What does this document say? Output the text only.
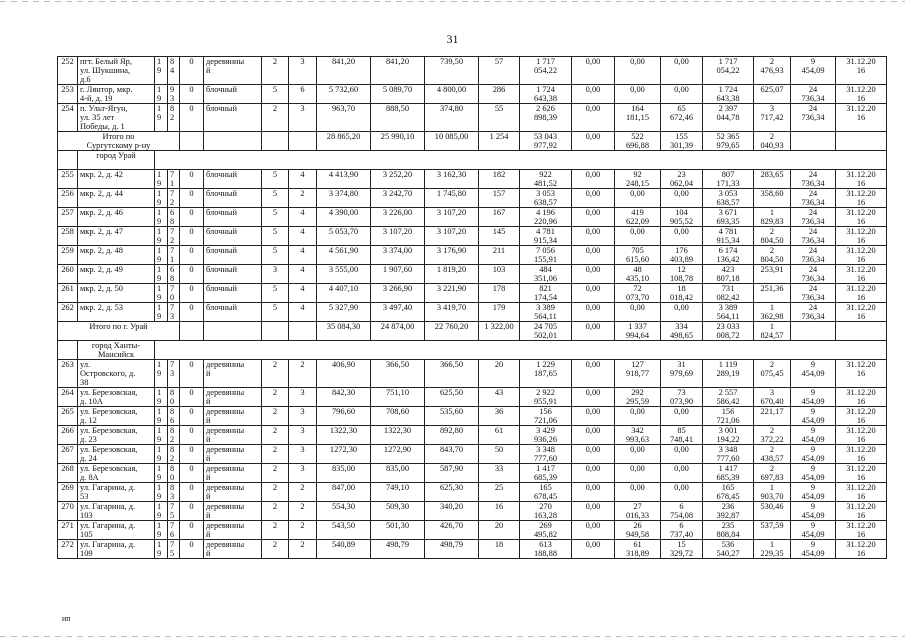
31
252	пгт. Белый Яр,
ул. Шукшина,
д.6	19	84	0	деревянны
й	2	3	841,20	841,20	739,50	57	1 717
054,22	0,00	0,00	0,00	1 717
054,22	2
476,93	9
454,09	31.12.20
16
253	г. Лянтор, мкр.
4-й, д. 19	19	93	0	блочный	5	6	5 732,60	5 089,70	4 800,00	286	1 724
643,38	0,00	0,00	0,00	1 724
643,38	625,07	24
736,34	31.12.20
16
254	п. Ульт-Ягун,
ул. 35 лет
Победы, д. 1	19	82	0	блочный	2	3	963,70	888,50	374,80	55	2 626
898,39	0,00	164
181,15	65
672,46	2 397
044,78	3
717,42	24
736,34	31.12.20
16
Итого по
Сургутскому р-ну								28 865,20	25 990,10	10 085,00	1 254	53 043
977,92	0,00	522
696,88	155
301,39	52 365
979,65	2
040,93		
	город Урай																		
255	мкр. 2, д. 42	19	71	0	блочный	5	4	4 413,90	3 252,20	3 162,30	182	922
481,52	0,00	92
248,15	23
062,04	807
171,33	283,65	24
736,34	31.12.20
16
256	мкр. 2, д. 44	19	72	0	блочный	5	2	3 374,80	3 242,70	1 745,80	157	3 053
638,57	0,00	0,00	0,00	3 053
638,57	358,60	24
736,34	31.12.20
16
257	мкр. 2, д. 46	19	68	0	блочный	5	4	4 390,00	3 226,00	3 107,20	167	4 196
220,96	0,00	419
622,09	104
905,52	3 671
693,35	1
829,83	24
736,34	31.12.20
16
258	мкр. 2, д. 47	19	72	0	блочный	5	4	5 053,70	3 107,20	3 107,20	145	4 781
915,34	0,00	0,00	0,00	4 781
915,34	2
804,50	24
736,34	31.12.20
16
259	мкр. 2, д. 48	19	71	0	блочный	5	4	4 561,90	3 374,00	3 176,90	211	7 056
155,91	0,00	705
615,60	176
403,89	6 174
136,42	2
804,50	24
736,34	31.12.20
16
260	мкр. 2, д. 49	19	68	0	блочный	3	4	3 555,00	1 907,60	1 819,20	103	484
351,06	0,00	48
435,10	12
108,78	423
807,18	253,91	24
736,34	31.12.20
16
261	мкр. 2, д. 50	19	70	0	блочный	5	4	4 407,10	3 266,90	3 221,90	178	821
174,54	0,00	72
073,70	18
018,42	731
082,42	251,36	24
736,34	31.12.20
16
262	мкр. 2, д. 53	19	73	0	блочный	5	4	5 327,90	3 497,40	3 419,70	179	3 389
564,11	0,00	0,00	0,00	3 389
564,11	1
362,98	24
736,34	31.12.20
16
Итого по г. Урай								35 084,30	24 874,00	22 760,20	1 322,00	24 705
502,01	0,00	1 337
994,64	334
498,65	23 033
008,72	1
824,57		
	город Ханты-
Мансийск																		
263	ул.
Островского, д.
38	19	73	0	деревянны
й	2	2	406,90	366,50	366,50	20	1 229
187,65	0,00	127
918,77	31
979,69	1 119
289,19	2
075,45	9
454,09	31.12.20
16
264	ул. Березовская,
д. 10А	19	80	0	деревянны
й	2	3	842,30	751,10	625,50	43	2 922
955,91	0,00	292
295,59	73
073,90	2 557
586,42	3
670,40	9
454,09	31.12.20
16
265	ул. Березовская,
д. 12	19	86	0	деревянны
й	2	3	796,60	708,60	535,60	36	156
721,06	0,00	0,00	0,00	156
721,06	221,17	9
454,09	31.12.20
16
266	ул. Березовская,
д. 23	19	82	0	деревянны
й	2	3	1322,30	1322,30	892,80	61	3 429
936,26	0,00	342
993,63	85
748,41	3 001
194,22	2
372,22	9
454,09	31.12.20
16
267	ул. Березовская,
д. 24	19	82	0	деревянны
й	2	3	1272,30	1272,90	843,70	50	3 348
777,60	0,00	0,00	0,00	3 348
777,60	2
438,57	9
454,09	31.12.20
16
268	ул. Березовская,
д. 8А	19	80	0	деревянны
й	2	3	835,00	835,00	587,90	33	1 417
685,39	0,00	0,00	0,00	1 417
685,39	2
697,83	9
454,09	31.12.20
16
269	ул. Гагарина, д.
53	19	83	0	деревянны
й	2	2	847,00	749,10	625,30	25	165
678,45	0,00	0,00	0,00	165
678,45	1
903,70	9
454,09	31.12.20
16
270	ул. Гагарина, д.
103	19	75	0	деревянны
й	2	2	554,30	509,30	340,20	16	270
163,28	0,00	27
016,33	6
754,08	236
392,87	530,46	9
454,09	31.12.20
16
271	ул. Гагарина, д.
105	19	76	0	деревянны
й	2	2	543,50	501,30	426,70	20	269
495,82	0,00	26
949,58	6
737,40	235
808,84	537,59	9
454,09	31.12.20
16
272	ул. Гагарина, д.
109	19	75	0	деревянны
й	2	2	540,89	498,79	498,79	18	613
188,88	0,00	61
318,89	15
329,72	536
540,27	1
229,35	9
454,09	31.12.20
16
ип
